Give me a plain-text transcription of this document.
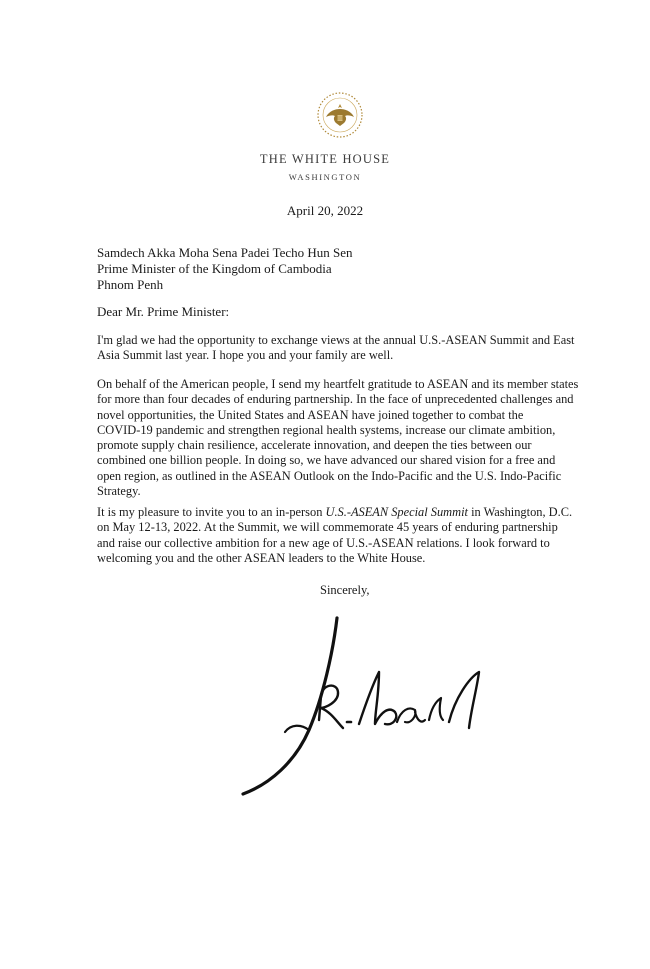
THE WHITE HOUSE
WASHINGTON
April 20, 2022
Samdech Akka Moha Sena Padei Techo Hun Sen
Prime Minister of the Kingdom of Cambodia
Phnom Penh
Dear Mr. Prime Minister:

I'm glad we had the opportunity to exchange views at the annual U.S.-ASEAN Summit and East
Asia Summit last year. I hope you and your family are well.

On behalf of the American people, I send my heartfelt gratitude to ASEAN and its member states
for more than four decades of enduring partnership. In the face of unprecedented challenges and
novel opportunities, the United States and ASEAN have joined together to combat the
COVID-19 pandemic and strengthen regional health systems, increase our climate ambition,
promote supply chain resilience, accelerate innovation, and deepen the ties between our
combined one billion people. In doing so, we have advanced our shared vision for a free and
open region, as outlined in the ASEAN Outlook on the Indo-Pacific and the U.S. Indo-Pacific
Strategy.

It is my pleasure to invite you to an in-person U.S.-ASEAN Special Summit in Washington, D.C.
on May 12-13, 2022. At the Summit, we will commemorate 45 years of enduring partnership
and raise our collective ambition for a new age of U.S.-ASEAN relations. I look forward to
welcoming you and the other ASEAN leaders to the White House.

Sincerely,
